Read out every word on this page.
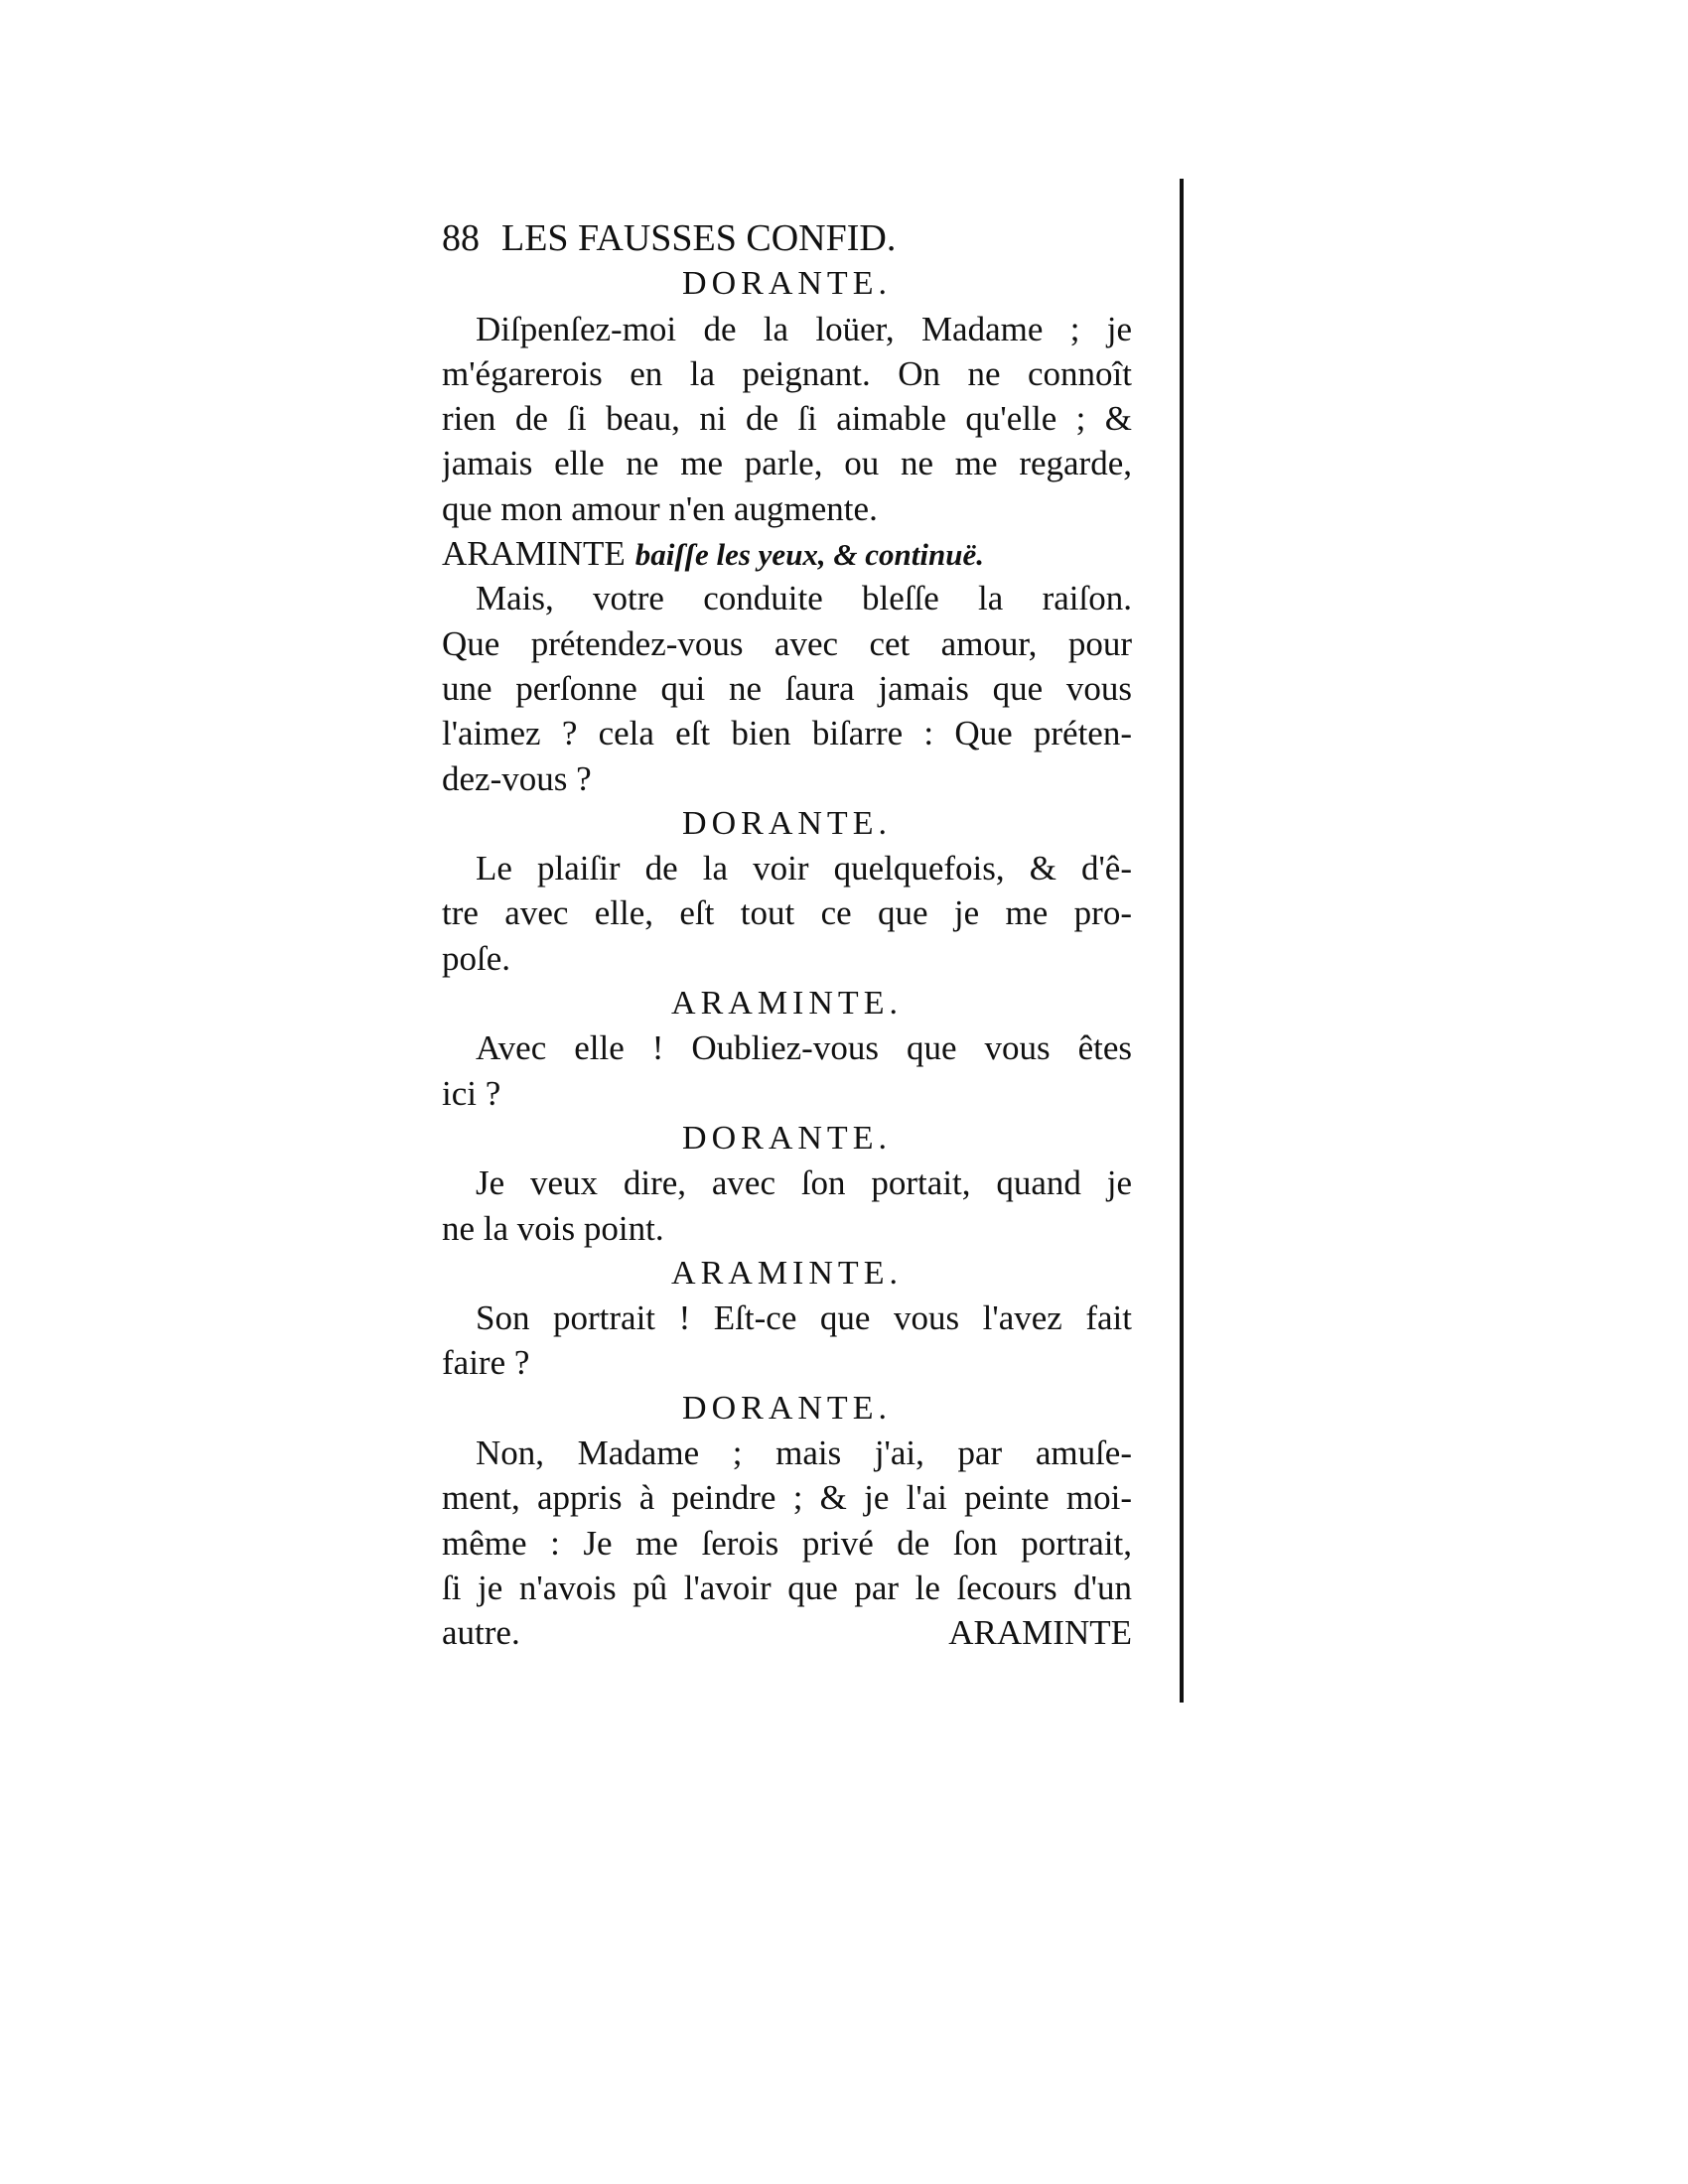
88 LES FAUSSES CONFID.
DORANTE.
Diſpenſez-moi de la loüer, Madame ; je
m'égarerois en la peignant. On ne connoît
rien de ſi beau, ni de ſi aimable qu'elle ; &
jamais elle ne me parle, ou ne me regarde,
que mon amour n'en augmente.
ARAMINTE baiſſe les yeux, & continuë.
Mais, votre conduite bleſſe la raiſon.
Que prétendez-vous avec cet amour, pour
une perſonne qui ne ſaura jamais que vous
l'aimez ? cela eſt bien biſarre : Que préten-
dez-vous ?
DORANTE.
Le plaiſir de la voir quelquefois, & d'ê-
tre avec elle, eſt tout ce que je me pro-
poſe.
ARAMINTE.
Avec elle ! Oubliez-vous que vous êtes
ici ?
DORANTE.
Je veux dire, avec ſon portait, quand je
ne la vois point.
ARAMINTE.
Son portrait ! Eſt-ce que vous l'avez fait
faire ?
DORANTE.
Non, Madame ; mais j'ai, par amuſe-
ment, appris à peindre ; & je l'ai peinte moi-
même : Je me ſerois privé de ſon portrait,
ſi je n'avois pû l'avoir que par le ſecours d'un
autre.	ARAMINTE
